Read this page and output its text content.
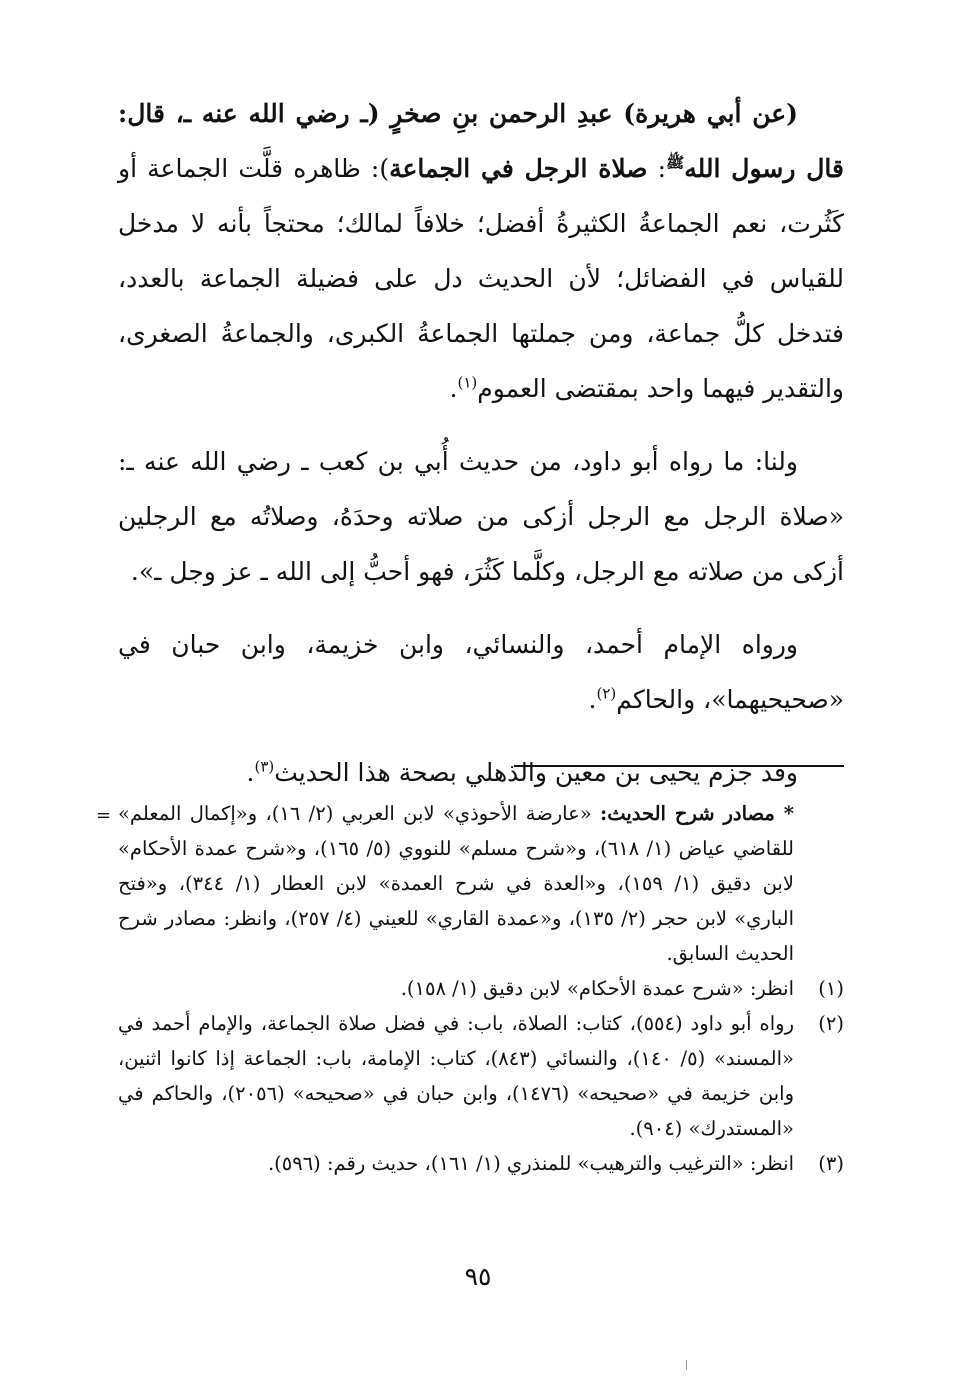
(عن أبي هريرة) عبدِ الرحمن بنِ صخرٍ (ـ رضي الله عنه ـ، قال: قال رسول الله$^ﷺ$: صلاة الرجل في الجماعة): ظاهره قلَّت الجماعة أو كَثُرت، نعم الجماعةُ الكثيرةُ أفضل؛ خلافاً لمالك؛ محتجاً بأنه لا مدخل للقياس في الفضائل؛ لأن الحديث دل على فضيلة الجماعة بالعدد، فتدخل كلُّ جماعة، ومن جملتها الجماعةُ الكبرى، والجماعةُ الصغرى، والتقدير فيهما واحد بمقتضى العموم$^{(١)}$.

ولنا: ما رواه أبو داود، من حديث أُبي بن كعب ـ رضي الله عنه ـ: «صلاة الرجل مع الرجل أزكى من صلاته وحدَهُ، وصلاتُه مع الرجلين أزكى من صلاته مع الرجل، وكلَّما كَثُرَ، فهو أحبُّ إلى الله ـ عز وجل ـ».

ورواه الإمام أحمد، والنسائي، وابن خزيمة، وابن حبان في «صحيحيهما»، والحاكم$^{(٢)}$.

وقد جزم يحيى بن معين والذهلي بصحة هذا الحديث$^{(٣)}$.

=	* مصادر شرح الحديث: «عارضة الأحوذي» لابن العربي (٢/ ١٦)، و«إكمال المعلم» للقاضي عياض (١/ ٦١٨)، و«شرح مسلم» للنووي (٥/ ١٦٥)، و«شرح عمدة الأحكام» لابن دقيق (١/ ١٥٩)، و«العدة في شرح العمدة» لابن العطار (١/ ٣٤٤)، و«فتح الباري» لابن حجر (٢/ ١٣٥)، و«عمدة القاري» للعيني (٤/ ٢٥٧)، وانظر: مصادر شرح الحديث السابق.

(١)
انظر: «شرح عمدة الأحكام» لابن دقيق (١/ ١٥٨).

(٢)
رواه أبو داود (٥٥٤)، كتاب: الصلاة، باب: في فضل صلاة الجماعة، والإمام أحمد في «المسند» (٥/ ١٤٠)، والنسائي (٨٤٣)، كتاب: الإمامة، باب: الجماعة إذا كانوا اثنين، وابن خزيمة في «صحيحه» (١٤٧٦)، وابن حبان في «صحيحه» (٢٠٥٦)، والحاكم في «المستدرك» (٩٠٤).

(٣)
انظر: «الترغيب والترهيب» للمنذري (١/ ١٦١)، حديث رقم: (٥٩٦).

٩٥
